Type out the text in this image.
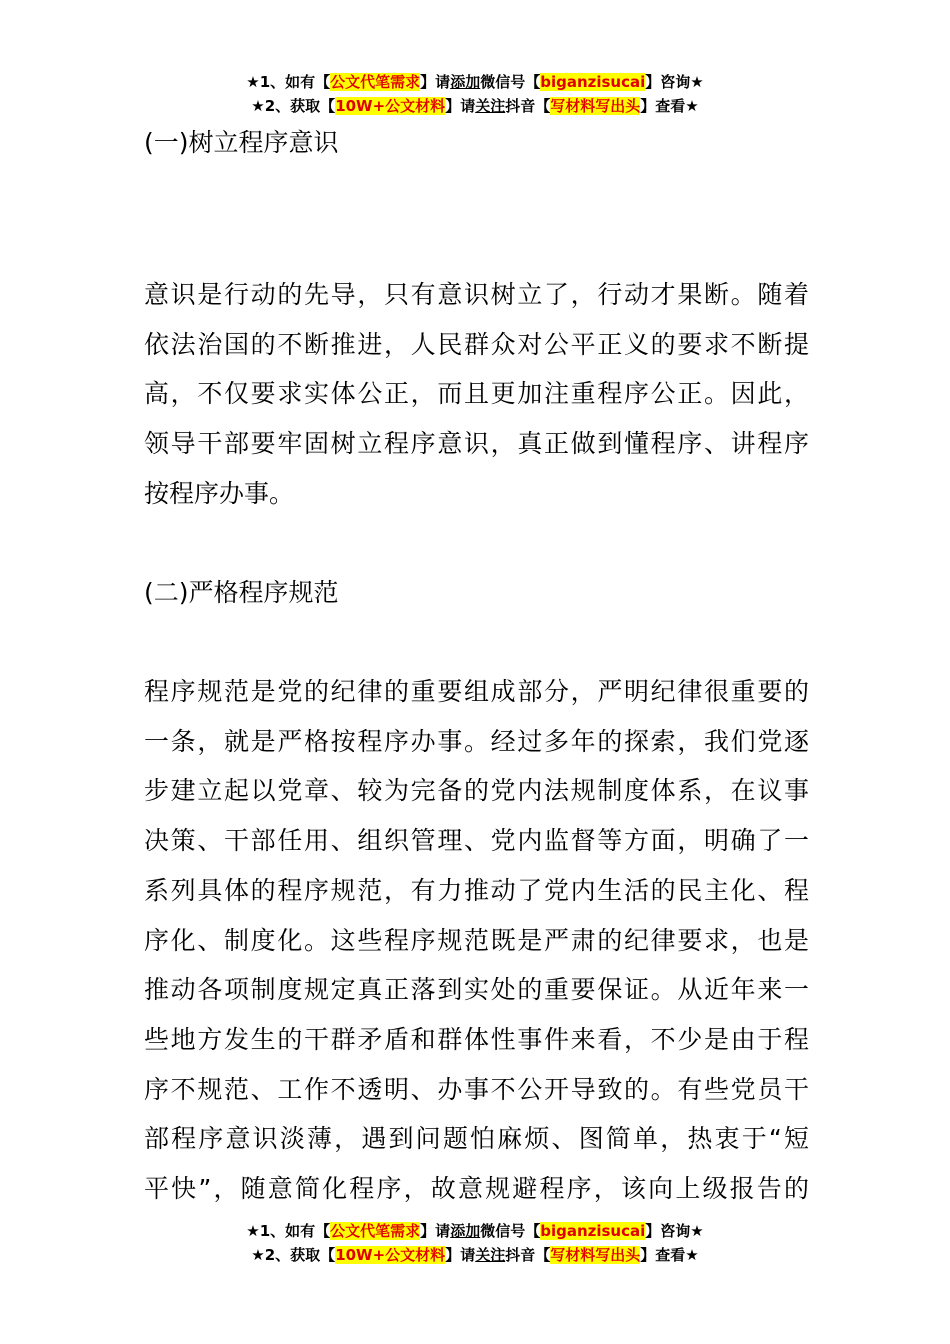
★1、如有【公文代笔需求】请添加微信号【biganzisucai】咨询★
★2、获取【10W+公文材料】请关注抖音【写材料写出头】查看★
(一)树立程序意识
意识是行动的先导，只有意识树立了，行动才果断。随着
依法治国的不断推进，人民群众对公平正义的要求不断提
高，不仅要求实体公正，而且更加注重程序公正。因此，
领导干部要牢固树立程序意识，真正做到懂程序、讲程序
按程序办事。
(二)严格程序规范
程序规范是党的纪律的重要组成部分，严明纪律很重要的
一条，就是严格按程序办事。经过多年的探索，我们党逐
步建立起以党章、较为完备的党内法规制度体系，在议事
决策、干部任用、组织管理、党内监督等方面，明确了一
系列具体的程序规范，有力推动了党内生活的民主化、程
序化、制度化。这些程序规范既是严肃的纪律要求，也是
推动各项制度规定真正落到实处的重要保证。从近年来一
些地方发生的干群矛盾和群体性事件来看，不少是由于程
序不规范、工作不透明、办事不公开导致的。有些党员干
部程序意识淡薄，遇到问题怕麻烦、图简单，热衷于“短
平快”，随意简化程序，故意规避程序，该向上级报告的
★1、如有【公文代笔需求】请添加微信号【biganzisucai】咨询★
★2、获取【10W+公文材料】请关注抖音【写材料写出头】查看★
